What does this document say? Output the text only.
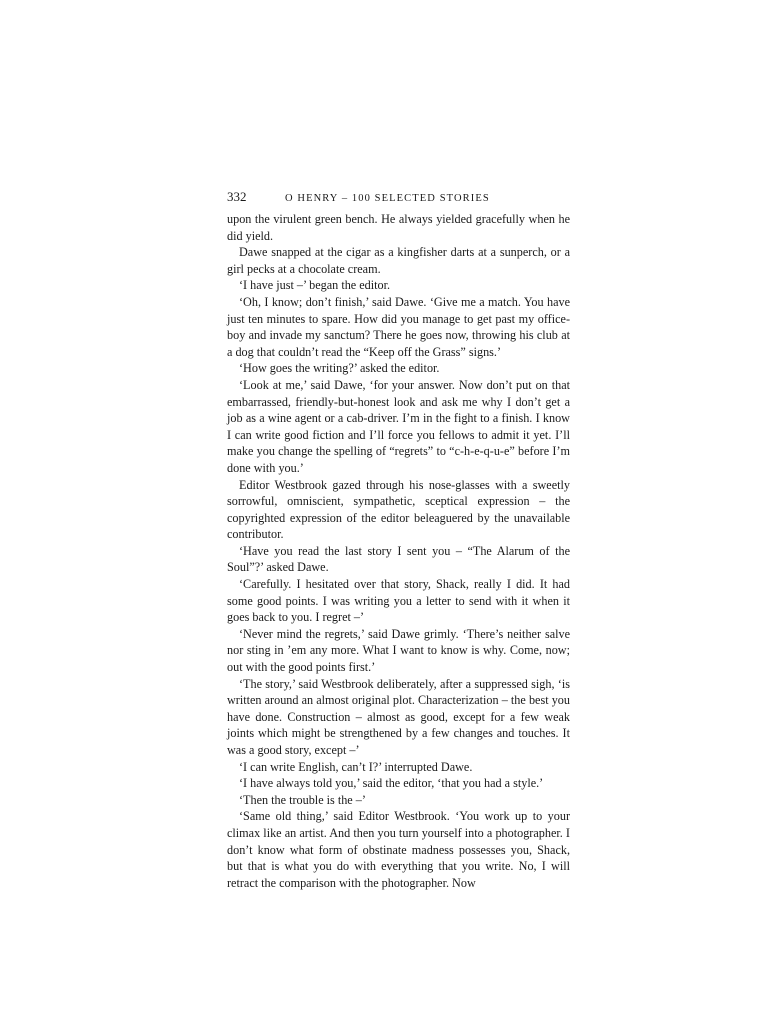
332	O HENRY – 100 SELECTED STORIES

upon the virulent green bench. He always yielded gracefully when he did yield.

Dawe snapped at the cigar as a kingfisher darts at a sunperch, or a girl pecks at a chocolate cream.

‘I have just –’ began the editor.

‘Oh, I know; don’t finish,’ said Dawe. ‘Give me a match. You have just ten minutes to spare. How did you manage to get past my office-boy and invade my sanctum? There he goes now, throwing his club at a dog that couldn’t read the “Keep off the Grass” signs.’

‘How goes the writing?’ asked the editor.

‘Look at me,’ said Dawe, ‘for your answer. Now don’t put on that embarrassed, friendly-but-honest look and ask me why I don’t get a job as a wine agent or a cab-driver. I’m in the fight to a finish. I know I can write good fiction and I’ll force you fellows to admit it yet. I’ll make you change the spelling of “regrets” to “c-h-e-q-u-e” before I’m done with you.’

Editor Westbrook gazed through his nose-glasses with a sweetly sorrowful, omniscient, sympathetic, sceptical expression – the copyrighted expression of the editor beleaguered by the unavailable contributor.

‘Have you read the last story I sent you – “The Alarum of the Soul”?’ asked Dawe.

‘Carefully. I hesitated over that story, Shack, really I did. It had some good points. I was writing you a letter to send with it when it goes back to you. I regret –’

‘Never mind the regrets,’ said Dawe grimly. ‘There’s neither salve nor sting in ’em any more. What I want to know is why. Come, now; out with the good points first.’

‘The story,’ said Westbrook deliberately, after a suppressed sigh, ‘is written around an almost original plot. Characterization – the best you have done. Construction – almost as good, except for a few weak joints which might be strengthened by a few changes and touches. It was a good story, except –’

‘I can write English, can’t I?’ interrupted Dawe.

‘I have always told you,’ said the editor, ‘that you had a style.’

‘Then the trouble is the –’

‘Same old thing,’ said Editor Westbrook. ‘You work up to your climax like an artist. And then you turn yourself into a photographer. I don’t know what form of obstinate madness possesses you, Shack, but that is what you do with everything that you write. No, I will retract the comparison with the photographer. Now
